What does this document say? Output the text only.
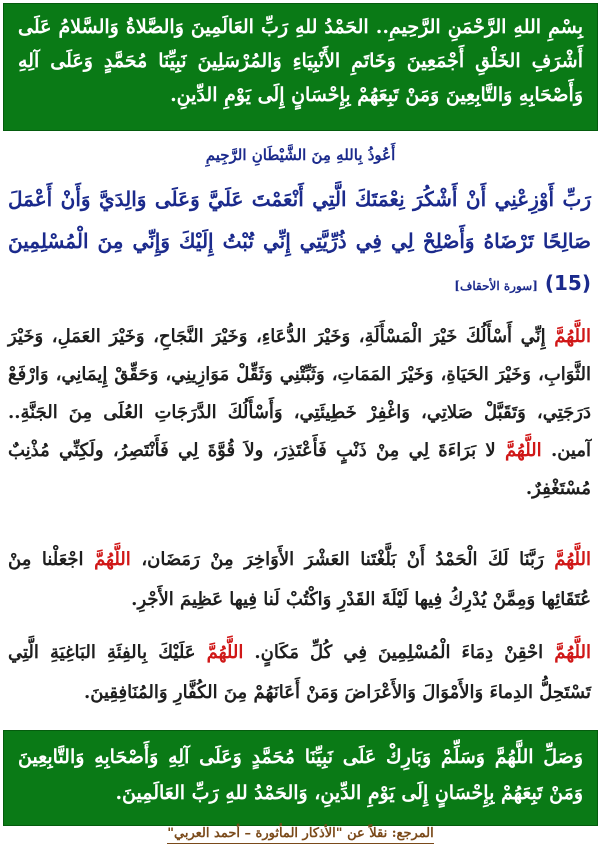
بِسْمِ اللهِ الرَّحْمَنِ الرَّحِيمِ.. الحَمْدُ للهِ رَبِّ العَالَمِينَ وَالصَّلاةُ وَالسَّلامُ عَلَى أَشْرَفِ الخَلْقِ أَجْمَعِينَ وَخَاتَمِ الأَنْبِيَاءِ وَالمُرْسَلِينَ نَبِيِّنَا مُحَمَّدٍ وَعَلَى آلِهِ وَأَصْحَابِهِ وَالتَّابِعِينَ وَمَنْ تَبِعَهُمْ بِإِحْسَانٍ إِلَى يَوْمِ الدِّينِ.
أَعُوذُ بِاللهِ مِنَ الشَّيْطَانِ الرَّجِيمِ
رَبِّ أَوْزِعْنِي أَنْ أَشْكُرَ نِعْمَتَكَ الَّتِي أَنْعَمْتَ عَلَيَّ وَعَلَى وَالِدَيَّ وَأَنْ أَعْمَلَ صَالِحًا تَرْضَاهُ وَأَصْلِحْ لِي فِي ذُرِّيَّتِي إِنِّي تُبْتُ إِلَيْكَ وَإِنِّي مِنَ الْمُسْلِمِينَ (15) [سورة الأحقاف]
اللَّهُمَّ إِنِّي أَسْأَلُكَ خَيْرَ الْمَسْأَلَةِ، وَخَيْرَ الدُّعَاءِ، وَخَيْرَ النَّجَاحِ، وَخَيْرَ العَمَلِ، وَخَيْرَ الثَّوَابِ، وَخَيْرَ الحَيَاةِ، وَخَيْرَ المَمَاتِ، وَثَبِّتْنِي وَثَقِّلْ مَوَازِينِي، وَحَقِّقْ إِيمَانِي، وَارْفَعْ دَرَجَتِي، وَتَقَبَّلْ صَلاتِي، وَاغْفِرْ خَطِيئَتِي، وَأَسْأَلُكَ الدَّرَجَاتِ العُلَى مِنَ الجَنَّةِ.. آمين. اللَّهُمَّ لا بَرَاءَةَ لِي مِنْ ذَنْبٍ فَأَعْتَذِرَ، ولاَ قُوَّةَ لِي فَأَنْتَصِرُ، ولَكِنِّي مُذْنِبٌ مُسْتَغْفِرٌ.
اللَّهُمَّ رَبَّنَا لَكَ الْحَمْدُ أَنْ بَلَّغْتَنا العَشْرَ الأَوَاخِرَ مِنْ رَمَضَان، اللَّهُمَّ اجْعَلْنا مِنْ عُتَقَائِها وَمِمَّنْ يُدْرِكُ فِيها لَيْلَةَ القَدْرِ وَاكْتُبْ لَنا فِيها عَظِيمَ الأَجْرِ.
اللَّهُمَّ احْقِنْ دِمَاءَ الْمُسْلِمِينَ فِي كُلِّ مَكَانٍ. اللَّهُمَّ عَلَيْكَ بِالفِئَةِ البَاغِيَةِ الَّتِي تَسْتَحِلُّ الدِماءَ وَالأَمْوَالَ وَالأَعْرَاضَ وَمَنْ أَعَانَهُمْ مِنَ الكُفَّارِ وَالمُنَافِقِينَ.
وَصَلِّ اللَّهُمَّ وَسَلِّمْ وَبَارِكْ عَلَى نَبِيِّنَا مُحَمَّدٍ وَعَلَى آلِهِ وَأَصْحَابِهِ وَالتَّابِعِينَ وَمَنْ تَبِعَهُمْ بِإِحْسَانٍ إِلَى يَوْمِ الدِّينِ، وَالحَمْدُ للهِ رَبِّ العَالَمِينَ.
المرجع: نقلاً عن "الأذكار المأثورة – أحمد العربي"
